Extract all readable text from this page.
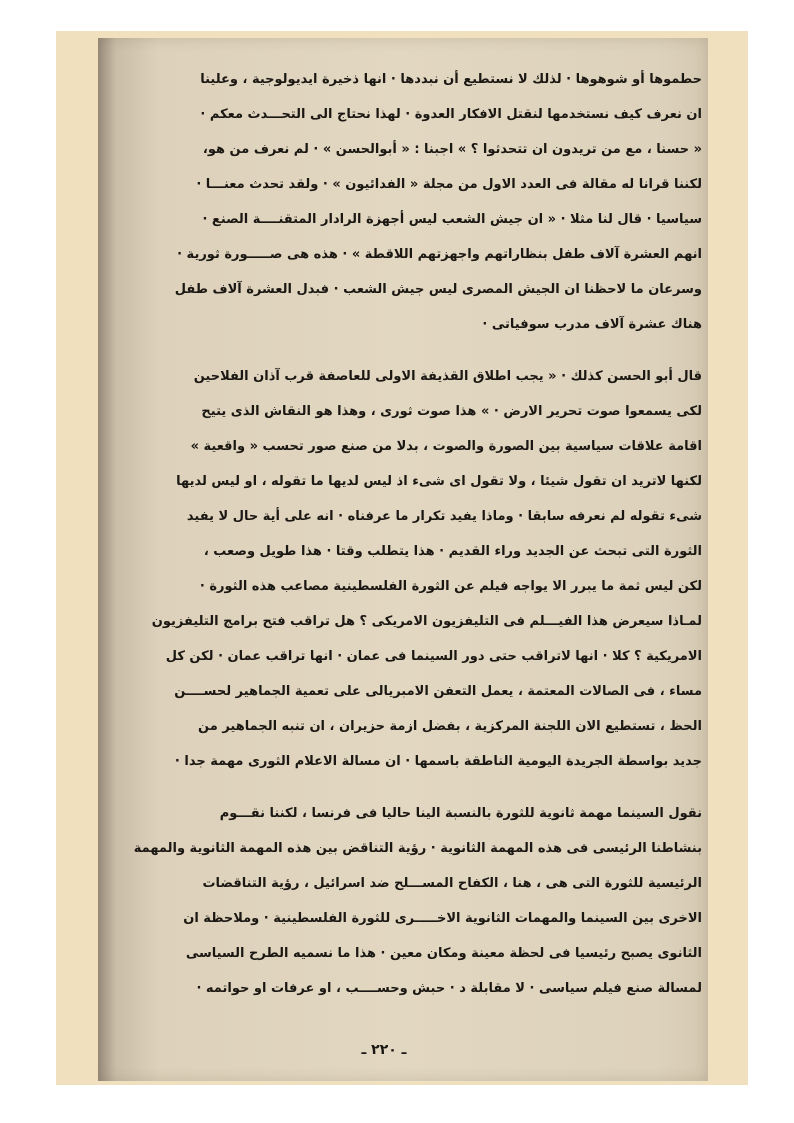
حطموها أو شوهوها · لذلك لا نستطيع أن نبددها · انها ذخيرة ايديولوجية ، وعلينا
ان نعرف كيف نستخدمها لنقتل الافكار العدوة · لهذا نحتاج الى التحـــدث معكم ·
« حسنا ، مع من تريدون ان تتحدثوا ؟ » اجبنا : « أبوالحسن » · لم نعرف من هو،
لكننا قرانا له مقالة فى العدد الاول من مجلة « الفدائيون » · ولقد تحدث معنـــا ·
سياسيا · قال لنا مثلا · « ان جيش الشعب ليس أجهزة الرادار المتقنــــة الصنع ·
انهم العشرة آلاف طفل بنظاراتهم واجهزتهم اللاقطة » · هذه هى صـــــورة ثورية ·
وسرعان ما لاحظنا ان الجيش المصرى ليس جيش الشعب · فبدل العشرة آلاف طفل
هناك عشرة آلاف مدرب سوفياتى ·

قال أبو الحسن كذلك · « يجب اطلاق القذيفة الاولى للعاصفة قرب آذان الفلاحين
لكى يسمعوا صوت تحرير الارض · » هذا صوت ثورى ، وهذا هو النقاش الذى يتيح
اقامة علاقات سياسية بين الصورة والصوت ، بدلا من صنع صور تحسب « واقعية »
لكنها لاتريد ان تقول شيئا ، ولا تقول اى شىء اذ ليس لديها ما تقوله ، او ليس لديها
شىء تقوله لم نعرفه سابقا · وماذا يفيد تكرار ما عرفناه · انه على أية حال لا يفيد
الثورة التى تبحث عن الجديد وراء القديم · هذا يتطلب وقتا · هذا طويل وصعب ،
لكن ليس ثمة ما يبرر الا يواجه فيلم عن الثورة الفلسطينية مصاعب هذه الثورة ·
لمـاذا سيعرض هذا الفيـــلم فى التليفزيون الامريكى ؟ هل تراقب فتح برامج التليفزيون
الامريكية ؟ كلا · انها لاتراقب حتى دور السينما فى عمان · انها تراقب عمان · لكن كل
مساء ، فى الصالات المعتمة ، يعمل التعفن الامبريالى على تعمية الجماهير لحســــن
الحظ ، تستطيع الان اللجنة المركزية ، بفضل ازمة حزيران ، ان تنبه الجماهير من
جديد بواسطة الجريدة اليومية الناطقة باسمها · ان مسالة الاعلام الثورى مهمة جدا ·

نقول السينما مهمة ثانوية للثورة بالنسبة الينا حاليا فى فرنسا ، لكننا نقـــوم
بنشاطنا الرئيسى فى هذه المهمة الثانوية · رؤية التناقض بين هذه المهمة الثانوية والمهمة
الرئيسية للثورة التى هى ، هنا ، الكفاح المســـلح ضد اسرائيل ، رؤية التناقضات
الاخرى بين السينما والمهمات الثانوية الاخـــــرى للثورة الفلسطينية · وملاحظة ان
الثانوى يصبح رئيسيا فى لحظة معينة ومكان معين · هذا ما نسميه الطرح السياسى
لمسالة صنع فيلم سياسى · لا مقابلة د · حبش وحســــب ، او عرفات او حواتمه ·

ـ ٢٢٠ ـ
